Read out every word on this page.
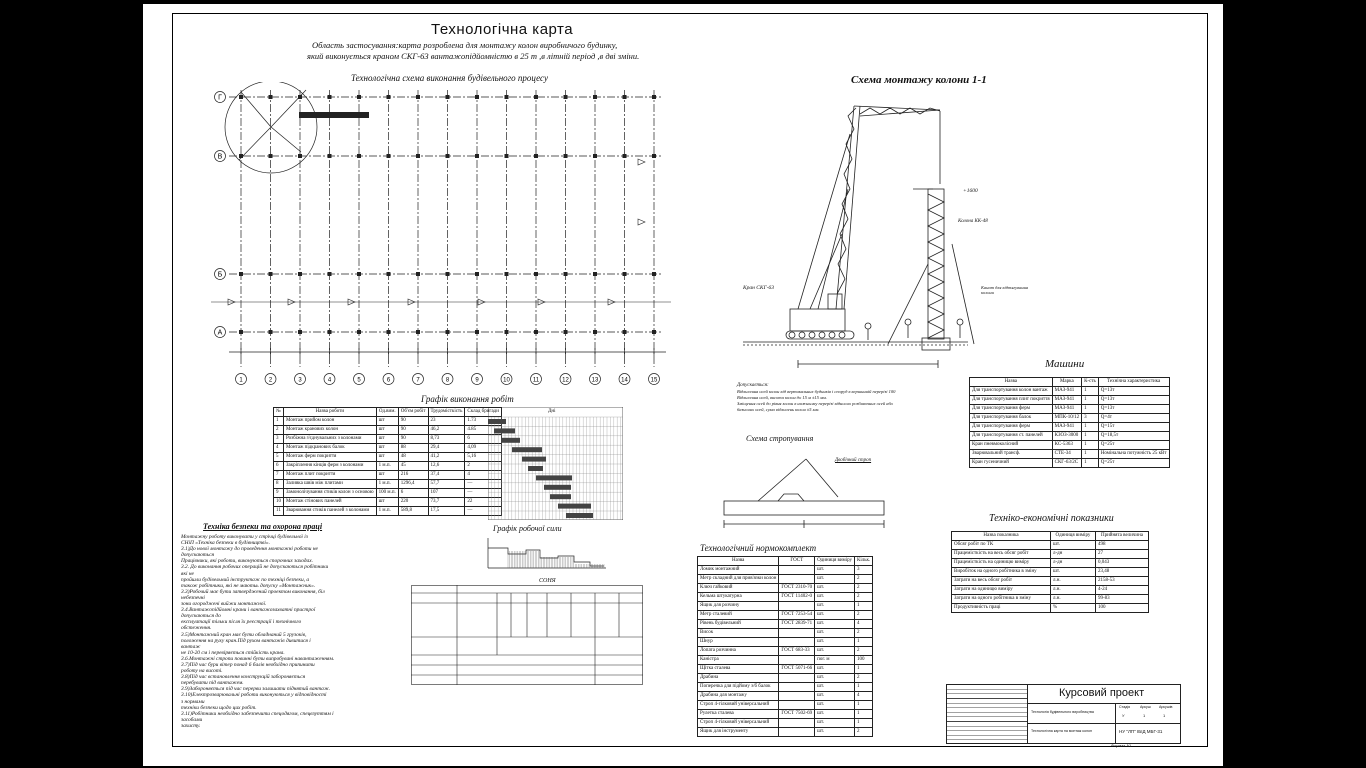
Технологічна карта
Область застосування:карта розроблена для монтажу колон виробничого будинку,
який виконується краном СКГ-63 вантажопідйомністю в 25 т ,в літній період ,в дві зміни.
Технологічна схема виконання будівельного процесу	Схема монтажу колони 1-1
Г
В
Б
А
1	2	3	4	5	6	7	8	9	10	11	12	13	14	15
Кран СКГ-63
Колона КК-48
+1600
Канат для відтягування колони
Допускається:
Відхилення осей колон від вертикальних будинків і споруд в вершинній перерізі 100
Відхилення осей, висота колон до 15 м ±15 мм.
Зміщення осей до рівня колон в нижньому перерізі відносно розбивочних осей або
базисних осей, сума відхилень колон ±5 мм.
Графік виконання робіт
№	Назва роботи	Од.вим.	Об'єм робіт	Трудомісткість	Склад бригади
1	Монтаж прийом колон	шт	90	23	1.73
2	Монтаж кранових колон	шт	90	46,2	4.85
3	Розбіжна з'єднувальних з колонами	шт	90	8,73	6
4	Монтаж підкранових балок	шт	88	29,4	4,09
5	Монтаж ферм покриття	шт	48	41,2	5,16
6	Закріплення кінців ферм з колонами	1 м.п.	45	12,6	2
7	Монтаж плит покриття	шт	216	37,4	4
8	Заливка швів між плитами	1 м.п.	1296,4	57,7	—
9	Замонолічування стиків колон з основою	100 м.п.	6	107	—
10	Монтаж стінових панелей	шт	220	73,7	22
11	Зварювання стиків панелей з колонами	1 м.п.	589,8	17,5	—
Техніка безпеки та охорона праці
Монтажну роботу виконувати у стрічці будівельної із
СНіП «Техніка безпеки в будівництві».
3.1)До нової монтажу до проведення монтажні роботи не
допускаються
Працівники, які роботи, виконуються спорочних заходах.
3.2. До виконання робочих операцій не допускаються робітники
які не
пройшли будівельний інструктаж по техніці безпеки, а
також робітники, які не маютьь допуску «Монтажник».
3.3)Робочий має бути затверджений проектом виконання, біл
небезпечні
зони огороджені вийжи монтажної.
3.4.Вантажопідйомні крани і вантажозахватні пристрої
допускаються до
експлуатації тільки після їх реєстрації і технічного
обстеження.
3.5)Монтажний кран має бути обладнаний 5 грузоків,
положення на руху кран.Під рухом вантажів дивитися і
вантаж
не 10-20 см і перевіряється стійкість крана.
3.6.Монтажні стропи повинні бути випробувані навантаженням.
3.7)Під час бури вітер понад 6 балів необхідно припинити
роботу на висоті.
3.8)Під час встановлення конструкцій забороняється
перебувати під вантажем.
3.9)Забороняється під час перерви залишати піднятий вантаж.
3.10)Електрозварювальні роботи виконуються у відповідності
з нормами
техніки безпеки щодо цих робіт.
3.11)Робітники необхідно забезпечити спецодягом, спецвзуттям і
засобами
захисту.
Графік робочої сили
СОНЯ
Технологічний нормокомплект
Назва	ГОСТ	Одиниця виміру	Кільк.
Ломик монтажний		шт.	3
Метр складний для прив'язки колон		шт.	2
Ключ гайковий	ГОСТ 2310-70	шт.	2
Кельма штукатурна	ГОСТ 11402-0	шт.	2
Ящик для розчину		шт.	1
Метр сталевий	ГОСТ 7253-54	шт.	2
Рівень будівельний	ГОСТ 2839-71	шт.	4
Висок		шт.	2
Шнур		шт.	1
Лопата розчинна	ГОСТ 683-33	шт.	2
Каністра		пог. м	100
Щітка сталева	ГОСТ 5071-66	шт.	1
Драбина		шт.	2
Поперечка для підйому з/б балок		шт.	1
Драбина для монтажу		шт.	4
Строп 4-гілковий універсальний		шт.	1
Рулетка сталева	ГОСТ 7502-69	шт.	1
Строп 4-гілковий універсальний		шт.	1
Ящик для інструменту		шт.	2
Схема стропування
Двобічний строп
Машини
Назва	Марка	К-сть	Технічна характеристика
Для транспортування колон вантаж	МАЗ-941	1	Q=13т
Для транспортування плит покриття	МАЗ-941	1	Q=13т
Для транспортування ферм	МАЗ-941	1	Q=13т
Для транспортування балок	МПК-10/12	3	Q=4т
Для транспортування ферм	МАЗ-941	1	Q=15т
Для транспортування ст. панелей	КЗОЗ-3000	1	Q=18,5т
Кран пневмоколісний	КС-5363	1	Q=25т
Зварювальний трансф.	СТЕ-34	1	Номінальна потужність 25 кВт
Кран гусеничний	СКГ-63/2С	1	Q=25т
Техніко-економічні показники
Назва показника	Одиниця виміру	Прийнята величина
Обсяг робіт по ТК	шт.	498
Працемісткість на весь обсяг робіт	л-дн	27
Працемісткість на одиницю виміру	л-дн	0,043
Виробіток на одного робітника в зміну	шт.	23,48
Затрати на весь обсяг робіт	л.н.	2158-53
Затрати на одиницю виміру	л.н.	4-24
Затрати на одного робітника в зміну	л.н.	99-83
Продуктивність праці	%	100
Курсовий проект
Технологія будівельного виробництва
Технологічна карта на монтаж колон
Стадія	Аркуш Аркушів
У	1	1
НУ "ЛП" ІБІД МБГ-31
Формат А1
Дні
